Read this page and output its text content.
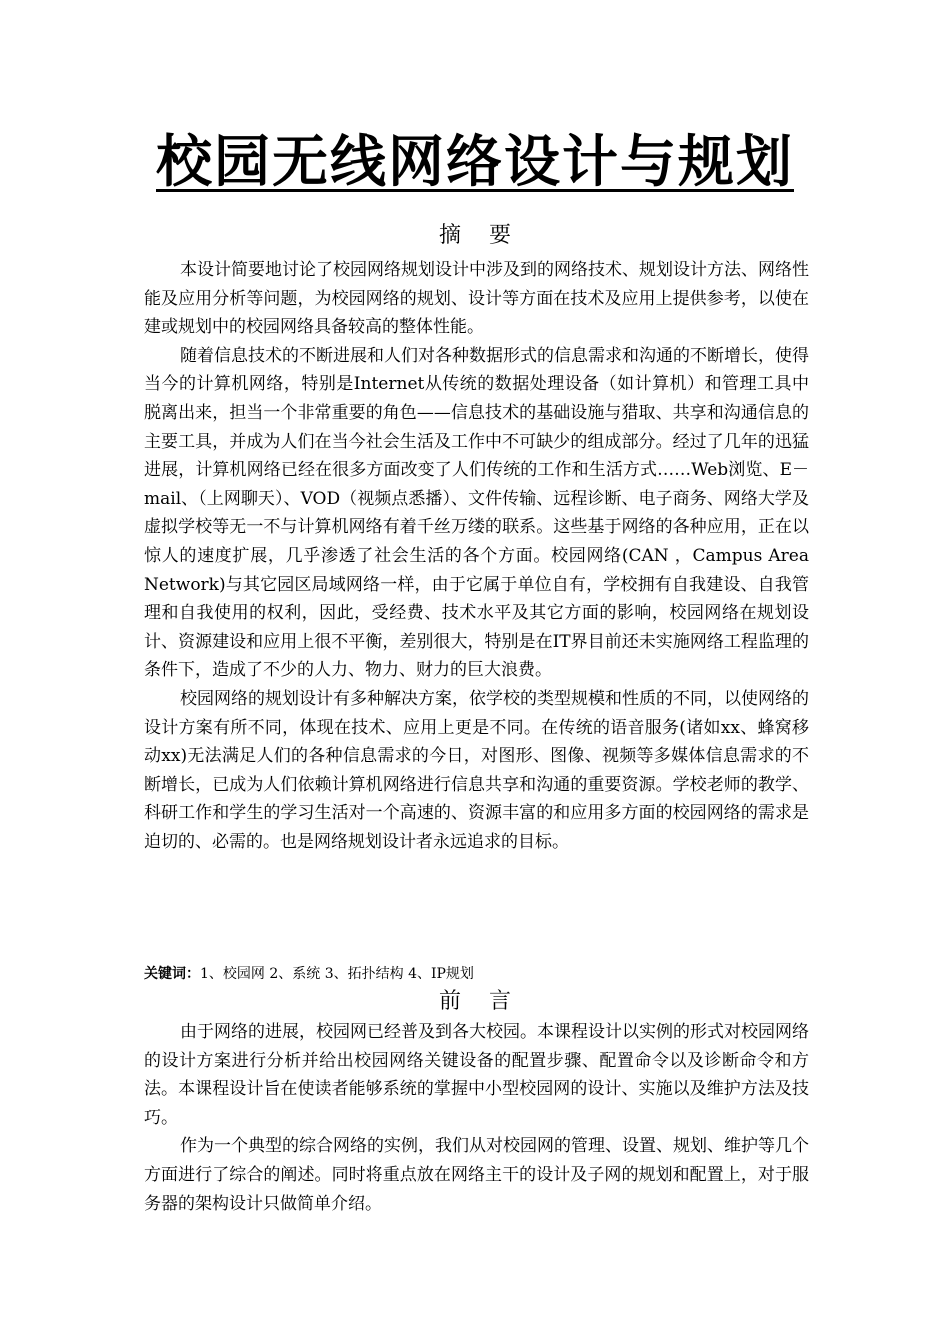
校园无线网络设计与规划
摘要

本设计简要地讨论了校园网络规划设计中涉及到的网络技术、规划设计方法、网络性能及应用分析等问题，为校园网络的规划、设计等方面在技术及应用上提供参考，以使在建或规划中的校园网络具备较高的整体性能。

随着信息技术的不断进展和人们对各种数据形式的信息需求和沟通的不断增长，使得当今的计算机网络，特别是Internet从传统的数据处理设备（如计算机）和管理工具中脱离出来，担当一个非常重要的角色——信息技术的基础设施与猎取、共享和沟通信息的主要工具，并成为人们在当今社会生活及工作中不可缺少的组成部分。经过了几年的迅猛进展，计算机网络已经在很多方面改变了人们传统的工作和生活方式……Web浏览、E－mail、（上网聊天）、VOD（视频点悉播）、文件传输、远程诊断、电子商务、网络大学及虚拟学校等无一不与计算机网络有着千丝万缕的联系。这些基于网络的各种应用，正在以惊人的速度扩展，几乎渗透了社会生活的各个方面。校园网络(CAN ，Campus Area Network)与其它园区局域网络一样，由于它属于单位自有，学校拥有自我建设、自我管理和自我使用的权利，因此，受经费、技术水平及其它方面的影响，校园网络在规划设计、资源建设和应用上很不平衡，差别很大，特别是在IT界目前还未实施网络工程监理的条件下，造成了不少的人力、物力、财力的巨大浪费。

校园网络的规划设计有多种解决方案，依学校的类型规模和性质的不同，以使网络的设计方案有所不同，体现在技术、应用上更是不同。在传统的语音服务(诸如xx、蜂窝移动xx)无法满足人们的各种信息需求的今日，对图形、图像、视频等多媒体信息需求的不断增长，已成为人们依赖计算机网络进行信息共享和沟通的重要资源。学校老师的教学、科研工作和学生的学习生活对一个高速的、资源丰富的和应用多方面的校园网络的需求是迫切的、必需的。也是网络规划设计者永远追求的目标。

关键词：1、校园网 2、系统 3、拓扑结构 4、IP规划
前言

由于网络的进展，校园网已经普及到各大校园。本课程设计以实例的形式对校园网络的设计方案进行分析并给出校园网络关键设备的配置步骤、配置命令以及诊断命令和方法。本课程设计旨在使读者能够系统的掌握中小型校园网的设计、实施以及维护方法及技巧。

作为一个典型的综合网络的实例，我们从对校园网的管理、设置、规划、维护等几个方面进行了综合的阐述。同时将重点放在网络主干的设计及子网的规划和配置上，对于服务器的架构设计只做简单介绍。
